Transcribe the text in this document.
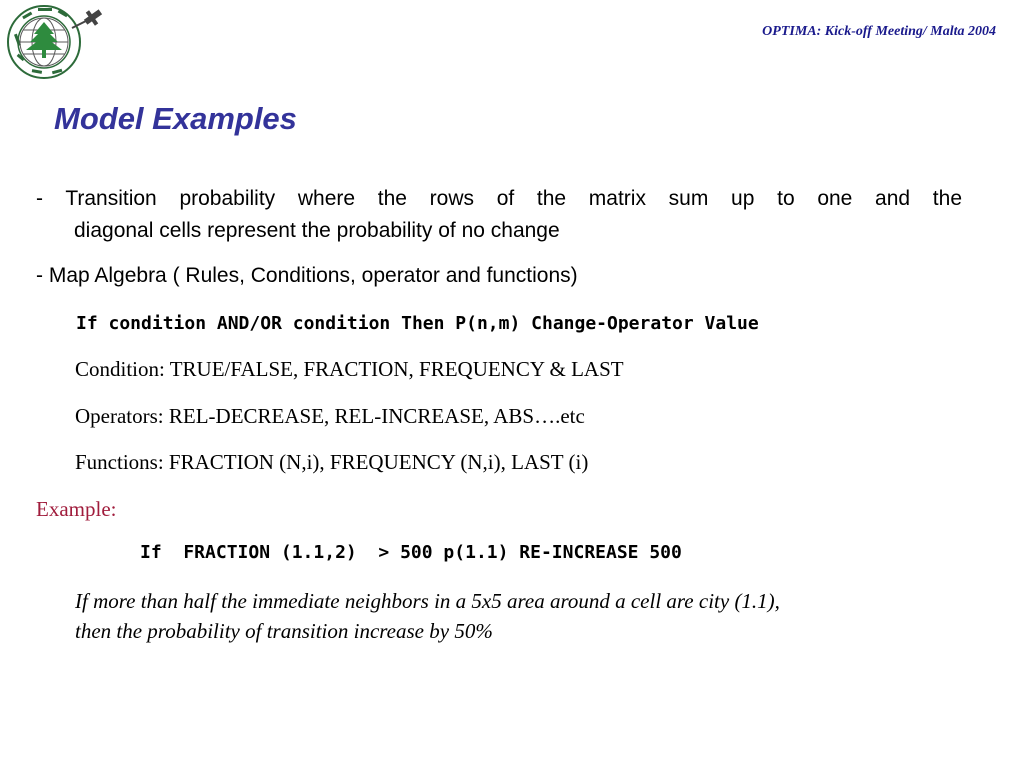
OPTIMA: Kick-off Meeting/ Malta 2004
Model Examples
- Transition probability where the rows of the matrix sum up to one and the
diagonal cells represent the probability of no change
- Map Algebra ( Rules, Conditions, operator and functions)
If condition AND/OR condition Then P(n,m) Change-Operator Value
Condition: TRUE/FALSE, FRACTION, FREQUENCY & LAST
Operators: REL-DECREASE, REL-INCREASE, ABS….etc
Functions: FRACTION (N,i), FREQUENCY (N,i), LAST (i)
Example:
If  FRACTION (1.1,2)  > 500 p(1.1) RE-INCREASE 500
If more than half the immediate neighbors in a 5x5 area around a cell are city (1.1),
then the probability of transition increase by 50%
